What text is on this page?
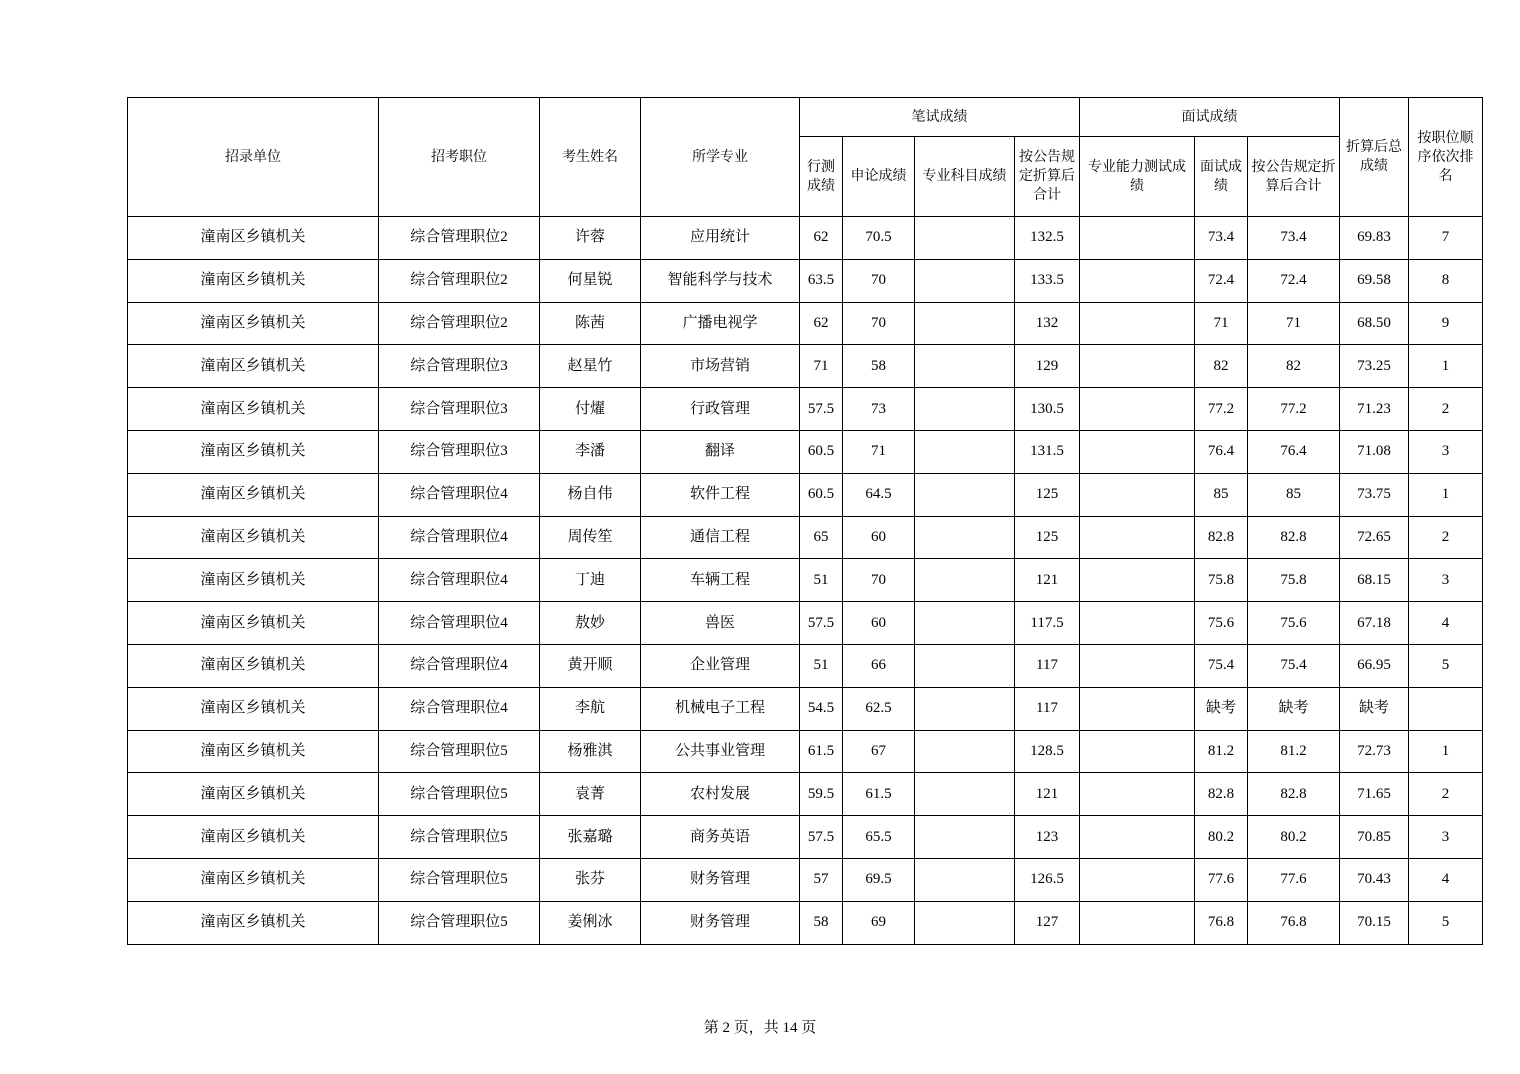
招录单位	招考职位	考生姓名	所学专业	笔试成绩				面试成绩			折算后总成绩	按职位顺序依次排名
				行测成绩	申论成绩	专业科目成绩	按公告规定折算后合计	专业能力测试成绩	面试成绩	按公告规定折算后合计		
潼南区乡镇机关	综合管理职位2	许蓉	应用统计	62	70.5		132.5		73.4	73.4	69.83	7
潼南区乡镇机关	综合管理职位2	何星锐	智能科学与技术	63.5	70		133.5		72.4	72.4	69.58	8
潼南区乡镇机关	综合管理职位2	陈茜	广播电视学	62	70		132		71	71	68.50	9
潼南区乡镇机关	综合管理职位3	赵星竹	市场营销	71	58		129		82	82	73.25	1
潼南区乡镇机关	综合管理职位3	付燿	行政管理	57.5	73		130.5		77.2	77.2	71.23	2
潼南区乡镇机关	综合管理职位3	李潘	翻译	60.5	71		131.5		76.4	76.4	71.08	3
潼南区乡镇机关	综合管理职位4	杨自伟	软件工程	60.5	64.5		125		85	85	73.75	1
潼南区乡镇机关	综合管理职位4	周传笙	通信工程	65	60		125		82.8	82.8	72.65	2
潼南区乡镇机关	综合管理职位4	丁迪	车辆工程	51	70		121		75.8	75.8	68.15	3
潼南区乡镇机关	综合管理职位4	敖妙	兽医	57.5	60		117.5		75.6	75.6	67.18	4
潼南区乡镇机关	综合管理职位4	黄开顺	企业管理	51	66		117		75.4	75.4	66.95	5
潼南区乡镇机关	综合管理职位4	李航	机械电子工程	54.5	62.5		117		缺考	缺考	缺考	
潼南区乡镇机关	综合管理职位5	杨雅淇	公共事业管理	61.5	67		128.5		81.2	81.2	72.73	1
潼南区乡镇机关	综合管理职位5	袁菁	农村发展	59.5	61.5		121		82.8	82.8	71.65	2
潼南区乡镇机关	综合管理职位5	张嘉璐	商务英语	57.5	65.5		123		80.2	80.2	70.85	3
潼南区乡镇机关	综合管理职位5	张芬	财务管理	57	69.5		126.5		77.6	77.6	70.43	4
潼南区乡镇机关	综合管理职位5	姜俐冰	财务管理	58	69		127		76.8	76.8	70.15	5
第 2 页，共 14 页
